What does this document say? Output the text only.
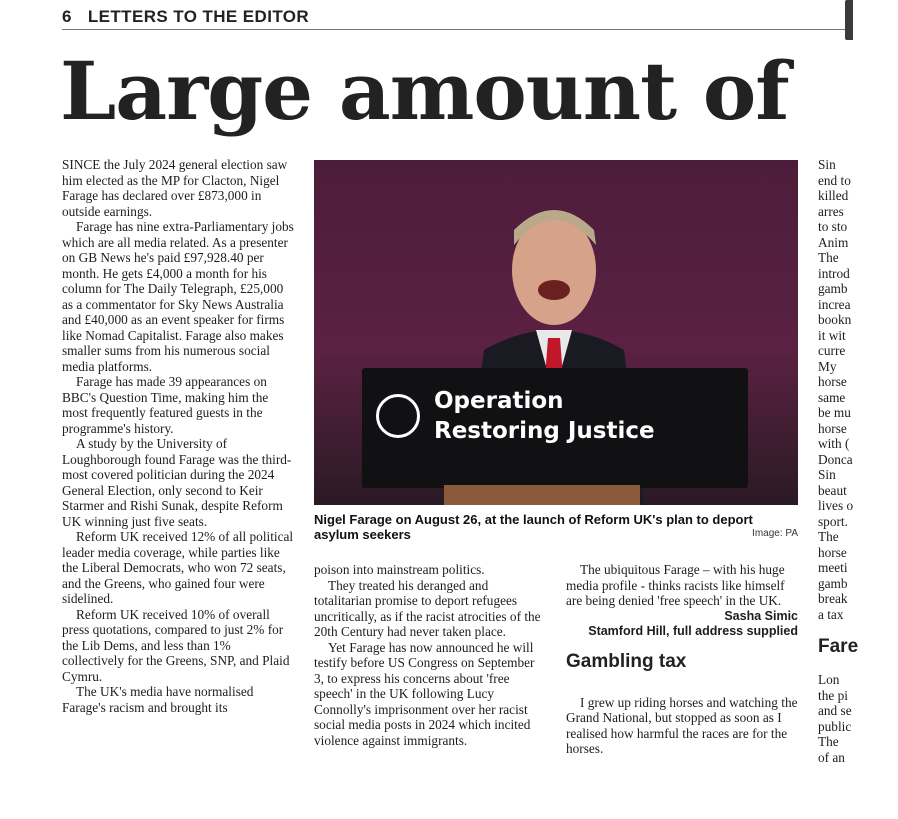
6 LETTERS TO THE EDITOR
Large amount of

SINCE the July 2024 general election saw him elected as the MP for Clacton, Nigel Farage has declared over £873,000 in outside earnings.

Farage has nine extra-Parliamentary jobs which are all media related. As a presenter on GB News he's paid £97,928.40 per month. He gets £4,000 a month for his column for The Daily Telegraph, £25,000 as a commentator for Sky News Australia and £40,000 as an event speaker for firms like Nomad Capitalist. Farage also makes smaller sums from his numerous social media platforms.

Farage has made 39 appearances on BBC's Question Time, making him the most frequently featured guests in the programme's history.

A study by the University of Loughborough found Farage was the third-most covered politician during the 2024 General Election, only second to Keir Starmer and Rishi Sunak, despite Reform UK winning just five seats.

Reform UK received 12% of all political leader media coverage, while parties like the Liberal Democrats, who won 72 seats, and the Greens, who gained four were sidelined.

Reform UK received 10% of overall press quotations, compared to just 2% for the Lib Dems, and less than 1% collectively for the Greens, SNP, and Plaid Cymru.

The UK's media have normalised Farage's racism and brought its

Operation
Restoring Justice
Nigel Farage on August 26, at the launch of Reform UK's plan to deport asylum seekers	Image: PA

poison into mainstream politics.

They treated his deranged and totalitarian promise to deport refugees uncritically, as if the racist atrocities of the 20th Century had never taken place.

Yet Farage has now announced he will testify before US Congress on September 3, to express his concerns about 'free speech' in the UK following Lucy Connolly's imprisonment over her racist social media posts in 2024 which incited violence against immigrants.

The ubiquitous Farage – with his huge media profile - thinks racists like himself are being denied 'free speech' in the UK.

Sasha Simic

Stamford Hill, full address supplied

Gambling tax

I grew up riding horses and watching the Grand National, but stopped as soon as I realised how harmful the races are for the horses.

Sin
end to
killed
arres
to sto
Anim
The
introd
gamb
increa
bookn
it wit
curre
My
horse
same
be mu
horse
with (
Donca
Sin
beaut
lives o
sport.
The
horse
meeti
gamb
break
a tax
Fare
Lon
the pi
and se
public
The
of an
